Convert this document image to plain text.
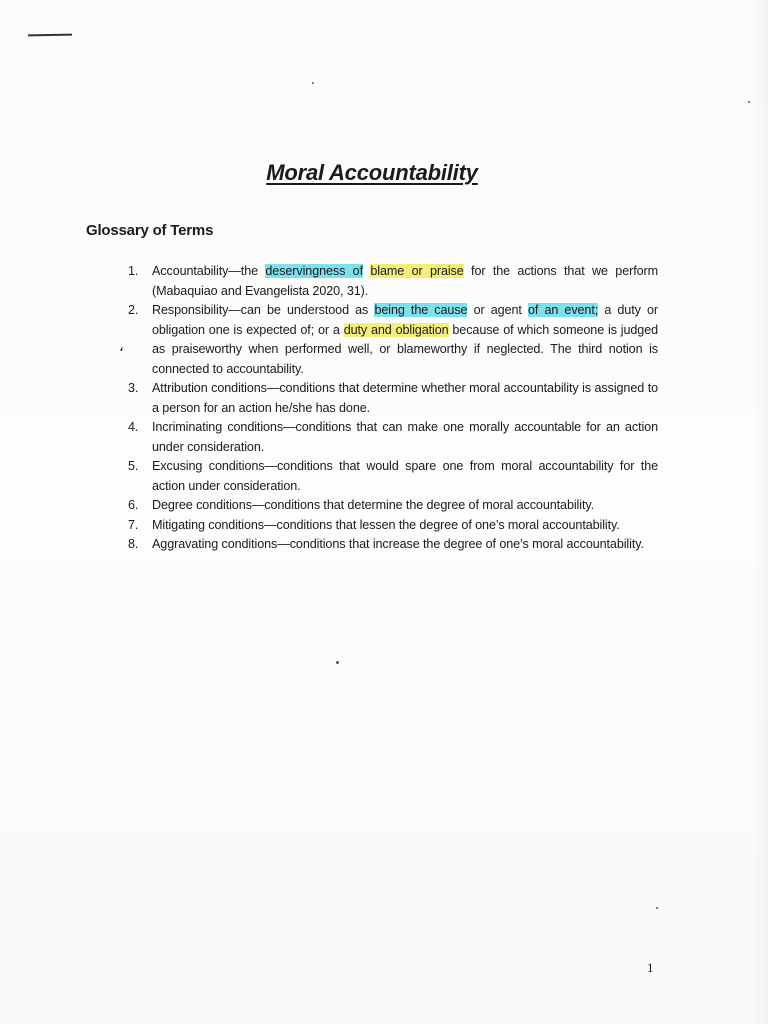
Moral Accountability
Glossary of Terms
1. Accountability—the deservingness of blame or praise for the actions that we perform (Mabaquiao and Evangelista 2020, 31).
2. Responsibility—can be understood as being the cause or agent of an event; a duty or obligation one is expected of; or a duty and obligation because of which someone is judged as praiseworthy when performed well, or blameworthy if neglected. The third notion is connected to accountability.
3. Attribution conditions—conditions that determine whether moral accountability is assigned to a person for an action he/she has done.
4. Incriminating conditions—conditions that can make one morally accountable for an action under consideration.
5. Excusing conditions—conditions that would spare one from moral accountability for the action under consideration.
6. Degree conditions—conditions that determine the degree of moral accountability.
7. Mitigating conditions—conditions that lessen the degree of one’s moral accountability.
8. Aggravating conditions—conditions that increase the degree of one’s moral accountability.
‘
1
